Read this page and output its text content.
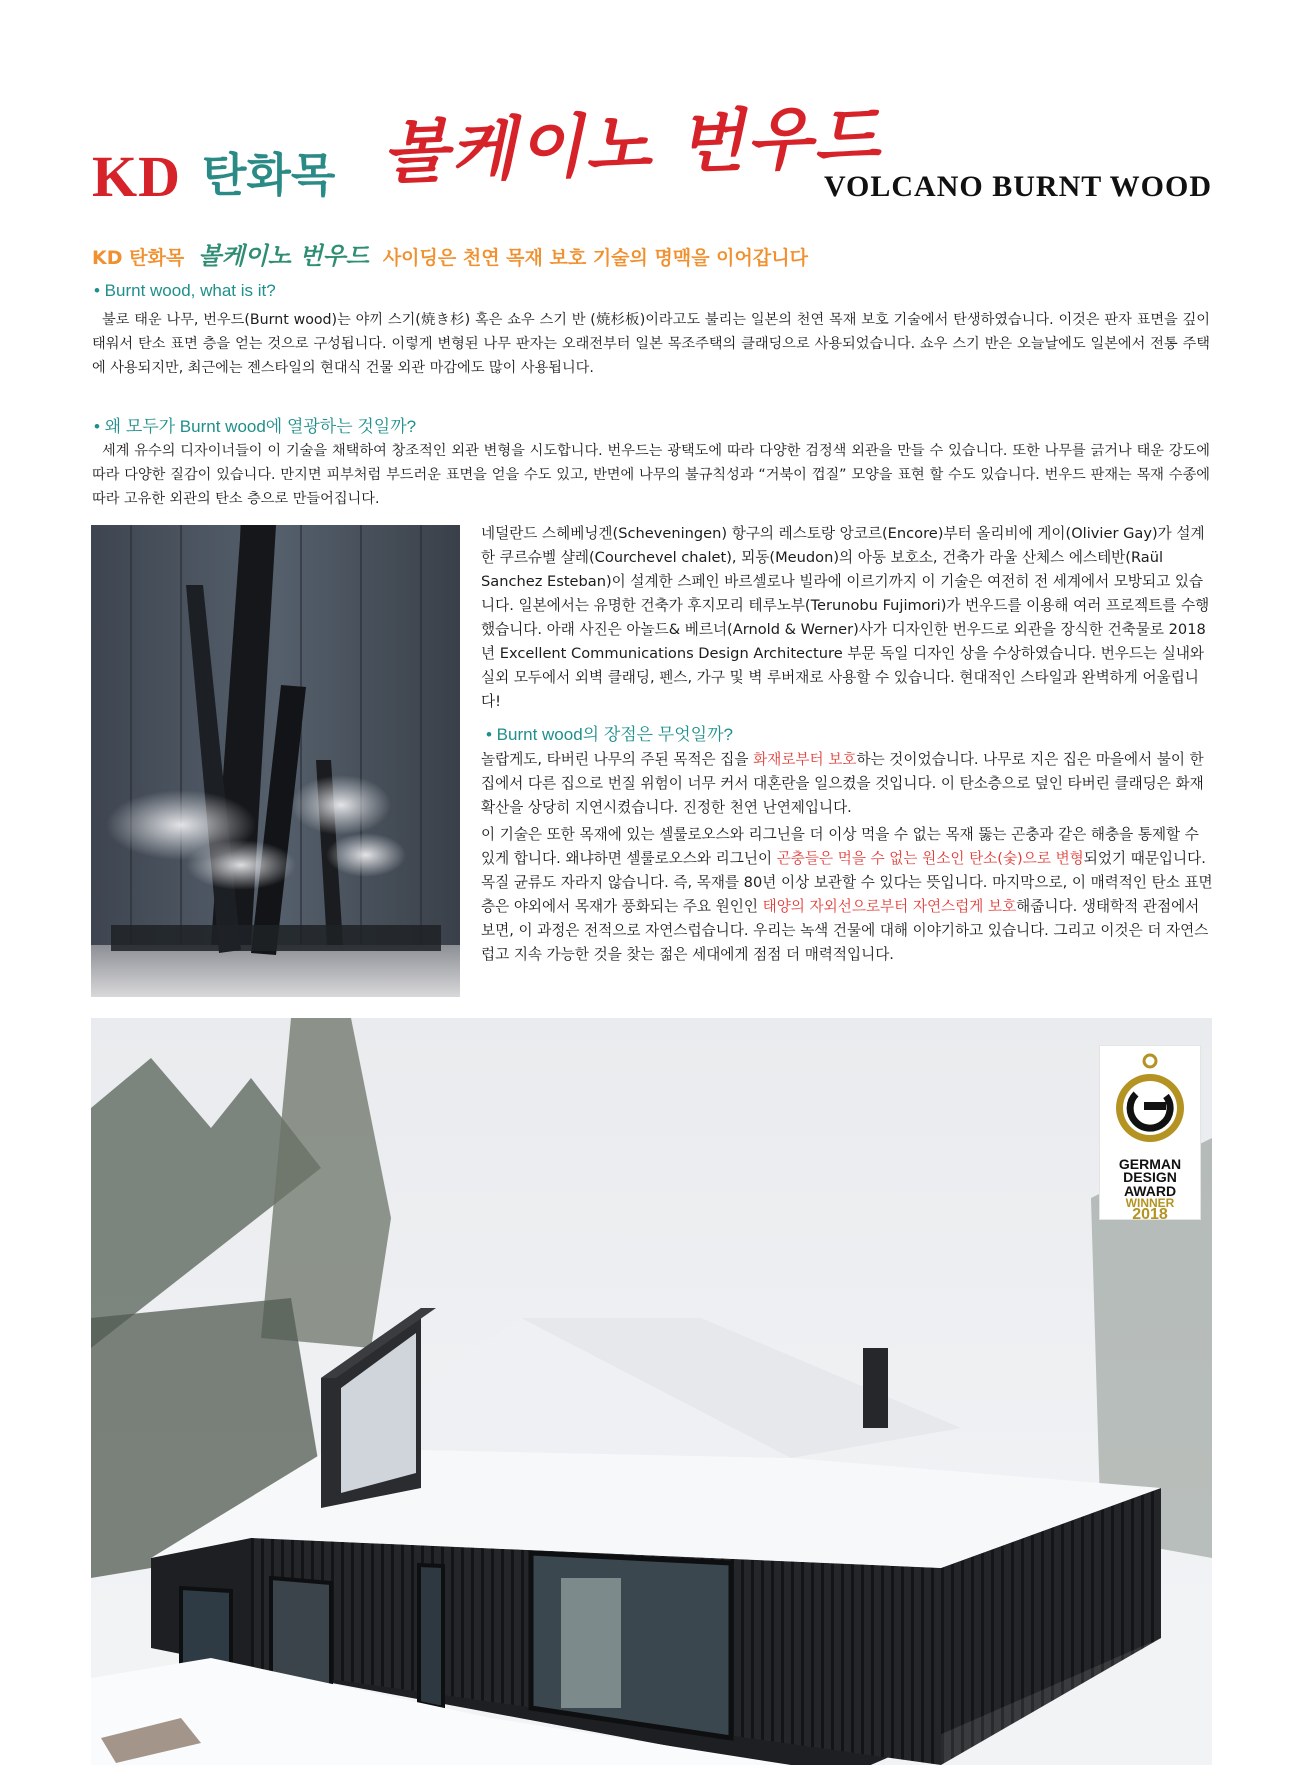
KD 탄화목 볼케이노 번우드
VOLCANO BURNT WOOD
KD 탄화목 볼케이노 번우드 사이딩은 천연 목재 보호 기술의 명맥을 이어갑니다
• Burnt wood, what is it?

불로 태운 나무, 번우드(Burnt wood)는 야끼 스기(焼き杉) 혹은 쇼우 스기 반 (焼杉板)이라고도 불리는 일본의 천연 목재 보호 기술에서 탄생하였습니다. 이것은 판자 표면을 깊이 태워서 탄소 표면 층을 얻는 것으로 구성됩니다. 이렇게 변형된 나무 판자는 오래전부터 일본 목조주택의 클래딩으로 사용되었습니다. 쇼우 스기 반은 오늘날에도 일본에서 전통 주택에 사용되지만, 최근에는 젠스타일의 현대식 건물 외관 마감에도 많이 사용됩니다.

• 왜 모두가 Burnt wood에 열광하는 것일까?

세계 유수의 디자이너들이 이 기술을 채택하여 창조적인 외관 변형을 시도합니다. 번우드는 광택도에 따라 다양한 검정색 외관을 만들 수 있습니다. 또한 나무를 긁거나 태운 강도에 따라 다양한 질감이 있습니다. 만지면 피부처럼 부드러운 표면을 얻을 수도 있고, 반면에 나무의 불규칙성과 “거북이 껍질” 모양을 표현 할 수도 있습니다. 번우드 판재는 목재 수종에 따라 고유한 외관의 탄소 층으로 만들어집니다.

네덜란드 스헤베닝겐(Scheveningen) 항구의 레스토랑 앙코르(Encore)부터 올리비에 게이(Olivier Gay)가 설계한 쿠르슈벨 샬레(Courchevel chalet), 뫼동(Meudon)의 아동 보호소, 건축가 라울 산체스 에스테반(Raül Sanchez Esteban)이 설계한 스페인 바르셀로나 빌라에 이르기까지 이 기술은 여전히 전 세계에서 모방되고 있습니다. 일본에서는 유명한 건축가 후지모리 테루노부(Terunobu Fujimori)가 번우드를 이용해 여러 프로젝트를 수행했습니다. 아래 사진은 아놀드& 베르너(Arnold & Werner)사가 디자인한 번우드로 외관을 장식한 건축물로 2018년 Excellent Communications Design Architecture 부문 독일 디자인 상을 수상하였습니다. 번우드는 실내와 실외 모두에서 외벽 클래딩, 펜스, 가구 및 벽 루버재로 사용할 수 있습니다. 현대적인 스타일과 완벽하게 어울립니다!
• Burnt wood의 장점은 무엇일까?
놀랍게도, 타버린 나무의 주된 목적은 집을 화재로부터 보호하는 것이었습니다. 나무로 지은 집은 마을에서 불이 한 집에서 다른 집으로 번질 위험이 너무 커서 대혼란을 일으켰을 것입니다. 이 탄소층으로 덮인 타버린 클래딩은 화재 확산을 상당히 지연시켰습니다. 진정한 천연 난연제입니다.
이 기술은 또한 목재에 있는 셀룰로오스와 리그닌을 더 이상 먹을 수 없는 목재 뚫는 곤충과 같은 해충을 통제할 수 있게 합니다. 왜냐하면 셀룰로오스와 리그닌이 곤충들은 먹을 수 없는 원소인 탄소(숯)으로 변형되었기 때문입니다. 목질 균류도 자라지 않습니다. 즉, 목재를 80년 이상 보관할 수 있다는 뜻입니다. 마지막으로, 이 매력적인 탄소 표면층은 야외에서 목재가 풍화되는 주요 원인인 태양의 자외선으로부터 자연스럽게 보호해줍니다. 생태학적 관점에서 보면, 이 과정은 전적으로 자연스럽습니다. 우리는 녹색 건물에 대해 이야기하고 있습니다. 그리고 이것은 더 자연스럽고 지속 가능한 것을 찾는 젊은 세대에게 점점 더 매력적입니다.
GERMAN
DESIGN
AWARD
WINNER
2018
